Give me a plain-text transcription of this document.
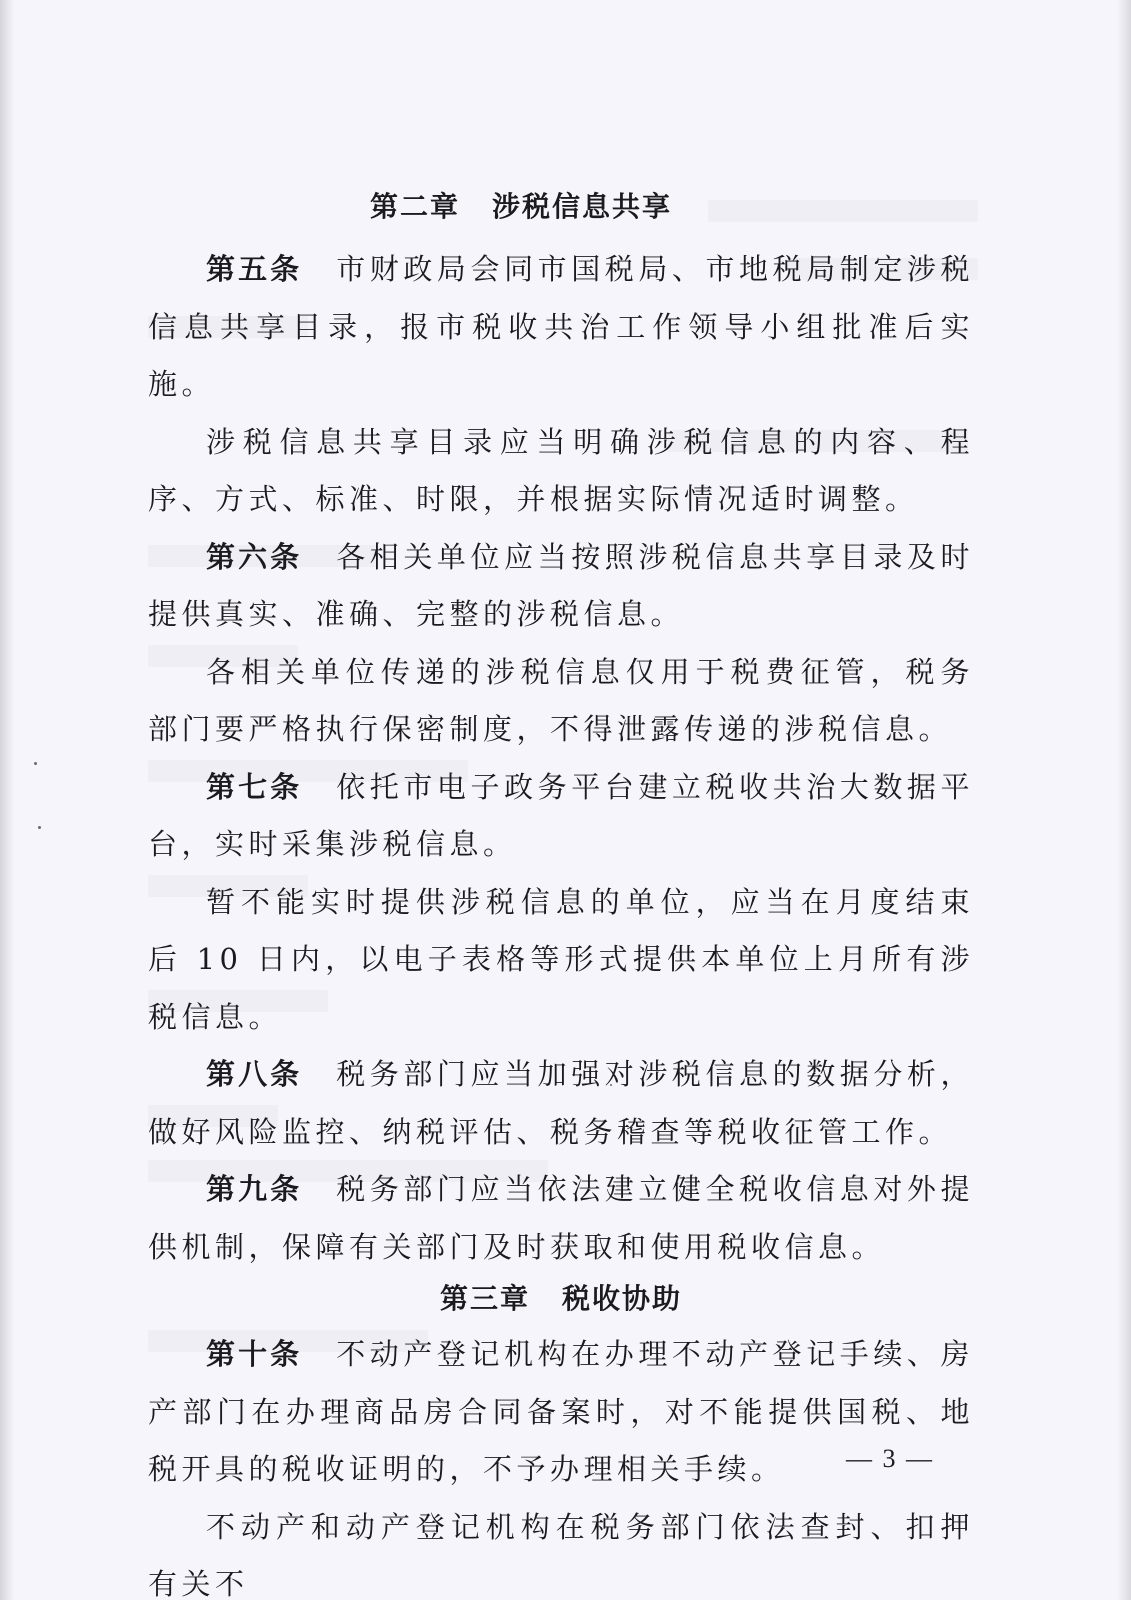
第二章 涉税信息共享

第五条 市财政局会同市国税局、市地税局制定涉税信息共享目录，报市税收共治工作领导小组批准后实施。

涉税信息共享目录应当明确涉税信息的内容、程序、方式、标准、时限，并根据实际情况适时调整。

第六条 各相关单位应当按照涉税信息共享目录及时提供真实、准确、完整的涉税信息。

各相关单位传递的涉税信息仅用于税费征管，税务部门要严格执行保密制度，不得泄露传递的涉税信息。

第七条 依托市电子政务平台建立税收共治大数据平台，实时采集涉税信息。

暂不能实时提供涉税信息的单位，应当在月度结束后 10 日内，以电子表格等形式提供本单位上月所有涉税信息。

第八条 税务部门应当加强对涉税信息的数据分析，做好风险监控、纳税评估、税务稽查等税收征管工作。

第九条 税务部门应当依法建立健全税收信息对外提供机制，保障有关部门及时获取和使用税收信息。

第三章 税收协助

第十条 不动产登记机构在办理不动产登记手续、房产部门在办理商品房合同备案时，对不能提供国税、地税开具的税收证明的，不予办理相关手续。

不动产和动产登记机构在税务部门依法查封、扣押有关不

— 3 —
